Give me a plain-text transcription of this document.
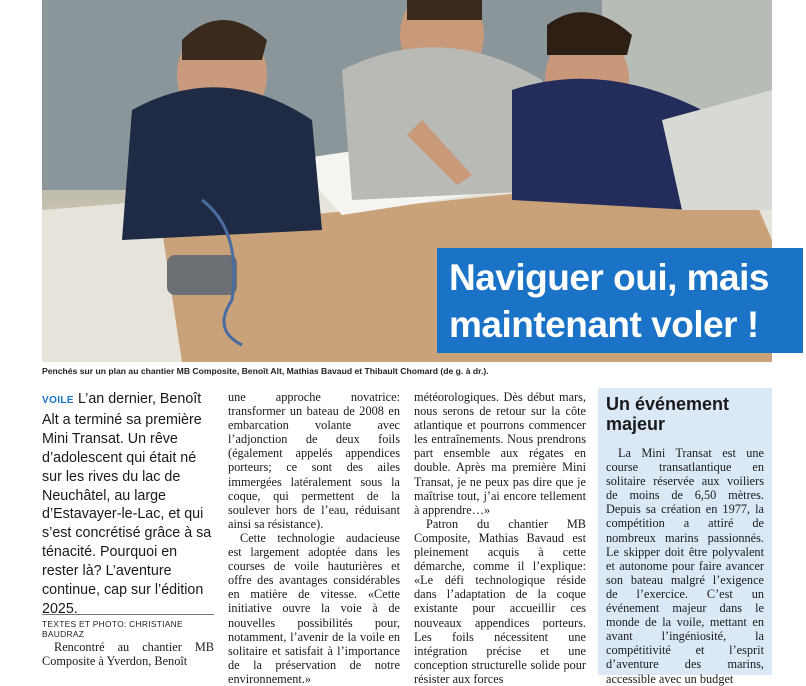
Naviguer oui, mais
maintenant voler !
Penchés sur un plan au chantier MB Composite, Benoît Alt, Mathias Bavaud et Thibault Chomard (de g. à dr.).
VOILE L’an dernier, Benoît Alt a terminé sa première Mini Transat. Un rêve d’adolescent qui était né sur les rives du lac de Neuchâtel, au large d’Estavayer-le-Lac, et qui s’est concrétisé grâce à sa ténacité. Pourquoi en rester là? L’aventure continue, cap sur l’édition 2025.
TEXTES ET PHOTO: CHRISTIANE BAUDRAZ

Rencontré au chantier MB Composite à Yverdon, Benoît

une approche novatrice: transformer un bateau de 2008 en embarcation volante avec l’adjonction de deux foils (également appelés appendices porteurs; ce sont des ailes immergées latéralement sous la coque, qui permettent de la soulever hors de l’eau, réduisant ainsi sa résistance).

Cette technologie audacieuse est largement adoptée dans les courses de voile hauturières et offre des avantages considérables en matière de vitesse. «Cette initiative ouvre la voie à de nouvelles possibilités pour, notamment, l’avenir de la voile en solitaire et satisfait à l’importance de la préservation de notre environnement.»

météorologiques. Dès début mars, nous serons de retour sur la côte atlantique et pourrons commencer les entraînements. Nous prendrons part ensemble aux régates en double. Après ma première Mini Transat, je ne peux pas dire que je maîtrise tout, j’ai encore tellement à apprendre…»

Patron du chantier MB Composite, Mathias Bavaud est pleinement acquis à cette démarche, comme il l’explique: «Le défi technologique réside dans l’adaptation de la coque existante pour accueillir ces nouveaux appendices porteurs. Les foils nécessitent une intégration précise et une conception structurelle solide pour résister aux forces

Un événement majeur

La Mini Transat est une course transatlantique en solitaire réservée aux voiliers de moins de 6,50 mètres. Depuis sa création en 1977, la compétition a attiré de nombreux marins passionnés. Le skipper doit être polyvalent et autonome pour faire avancer son bateau malgré l’exigence de l’exercice. C’est un événement majeur dans le monde de la voile, mettant en avant l’ingéniosité, la compétitivité et l’esprit d’aventure des marins, accessible avec un budget
